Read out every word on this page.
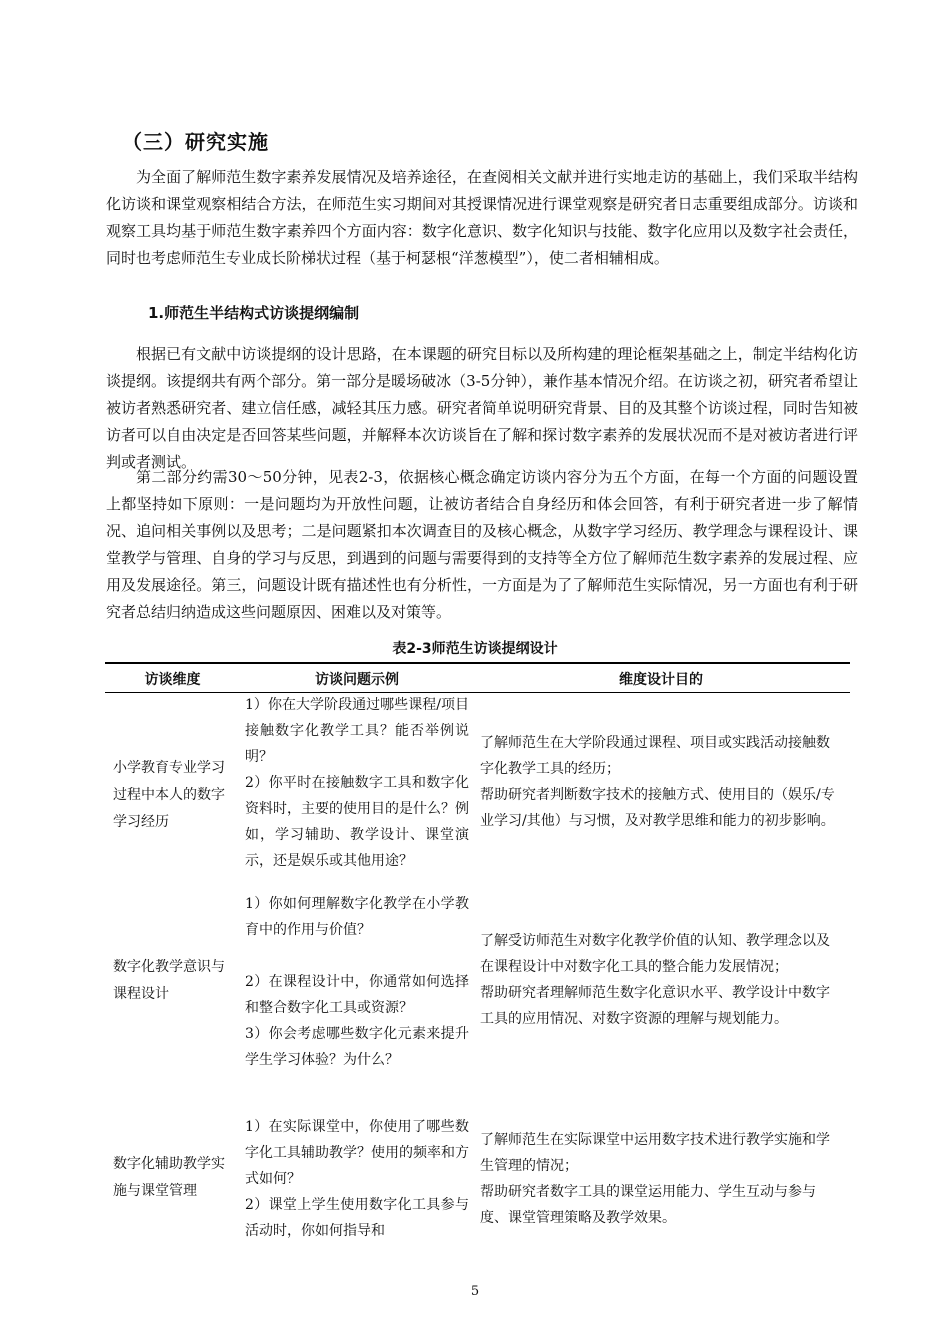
（三）研究实施

为全面了解师范生数字素养发展情况及培养途径，在查阅相关文献并进行实地走访的基础上，我们采取半结构化访谈和课堂观察相结合方法，在师范生实习期间对其授课情况进行课堂观察是研究者日志重要组成部分。访谈和观察工具均基于师范生数字素养四个方面内容：数字化意识、数字化知识与技能、数字化应用以及数字社会责任，同时也考虑师范生专业成长阶梯状过程（基于柯瑟根“洋葱模型”），使二者相辅相成。

1.师范生半结构式访谈提纲编制

根据已有文献中访谈提纲的设计思路，在本课题的研究目标以及所构建的理论框架基础之上，制定半结构化访谈提纲。该提纲共有两个部分。第一部分是暖场破冰（3-5分钟），兼作基本情况介绍。在访谈之初，研究者希望让被访者熟悉研究者、建立信任感，减轻其压力感。研究者简单说明研究背景、目的及其整个访谈过程，同时告知被访者可以自由决定是否回答某些问题，并解释本次访谈旨在了解和探讨数字素养的发展状况而不是对被访者进行评判或者测试。

第二部分约需30～50分钟，见表2-3，依据核心概念确定访谈内容分为五个方面，在每一个方面的问题设置上都坚持如下原则：一是问题均为开放性问题，让被访者结合自身经历和体会回答，有利于研究者进一步了解情况、追问相关事例以及思考；二是问题紧扣本次调查目的及核心概念，从数字学习经历、教学理念与课程设计、课堂教学与管理、自身的学习与反思，到遇到的问题与需要得到的支持等全方位了解师范生数字素养的发展过程、应用及发展途径。第三，问题设计既有描述性也有分析性，一方面是为了了解师范生实际情况，另一方面也有利于研究者总结归纳造成这些问题原因、困难以及对策等。

表2-3师范生访谈提纲设计
访谈维度	访谈问题示例	维度设计目的
小学教育专业学习过程中本人的数字学习经历
1）你在大学阶段通过哪些课程/项目接触数字化教学工具？能否举例说明？
2）你平时在接触数字工具和数字化资料时，主要的使用目的是什么？例如，学习辅助、教学设计、课堂演示，还是娱乐或其他用途？
了解师范生在大学阶段通过课程、项目或实践活动接触数字化教学工具的经历；
帮助研究者判断数字技术的接触方式、使用目的（娱乐/专业学习/其他）与习惯，及对教学思维和能力的初步影响。
数字化教学意识与课程设计
1）你如何理解数字化教学在小学教育中的作用与价值？
2）在课程设计中，你通常如何选择和整合数字化工具或资源？
3）你会考虑哪些数字化元素来提升学生学习体验？为什么？
了解受访师范生对数字化教学价值的认知、教学理念以及在课程设计中对数字化工具的整合能力发展情况；
帮助研究者理解师范生数字化意识水平、教学设计中数字工具的应用情况、对数字资源的理解与规划能力。
数字化辅助教学实施与课堂管理
1）在实际课堂中，你使用了哪些数字化工具辅助教学？使用的频率和方式如何？
2）课堂上学生使用数字化工具参与活动时，你如何指导和
了解师范生在实际课堂中运用数字技术进行教学实施和学生管理的情况；
帮助研究者数字工具的课堂运用能力、学生互动与参与度、课堂管理策略及教学效果。
5
